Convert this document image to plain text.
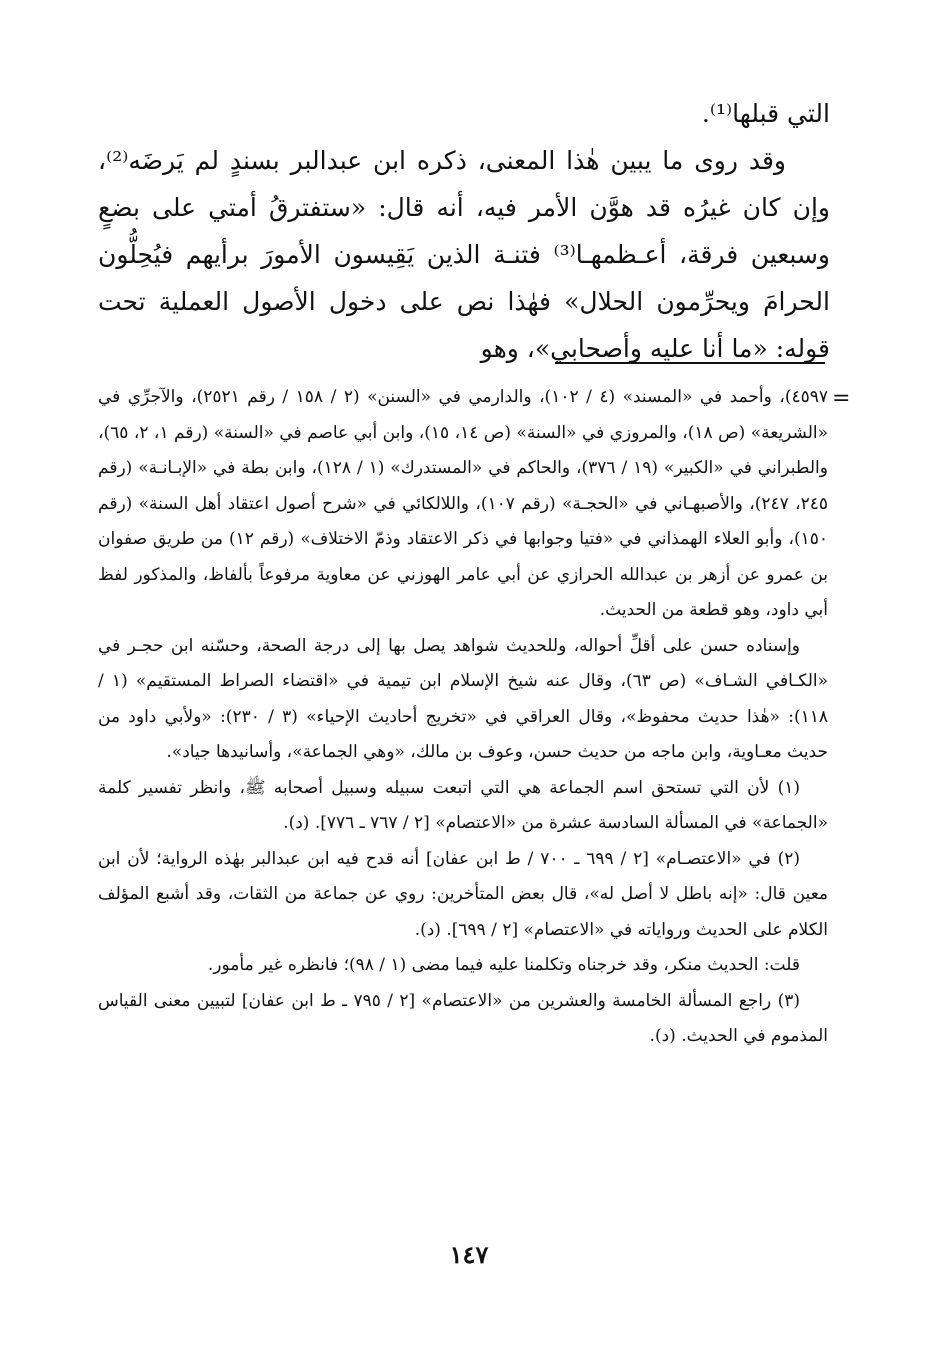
التي قبلها⁽¹⁾.

وقد روى ما يبين هٰذا المعنى، ذكره ابن عبدالبر بسندٍ لم يَرضَه⁽²⁾، وإن كان غيرُه قد هوَّن الأمر فيه، أنه قال: «ستفترقُ أمتي على بضعٍ وسبعين فرقة، أعـظمهـا⁽³⁾ فتنـة الذين يَقِيسون الأمورَ برأيهم فيُحِلُّون الحرامَ ويحرِّمون الحلال» فهٰذا نص على دخول الأصول العملية تحت قوله: «ما أنا عليه وأصحابي»، وهو

=

٤٥٩٧)، وأحمد في «المسند» (٤ / ١٠٢)، والدارمي في «السنن» (٢ / ١٥٨ / رقم ٢٥٢١)، والآجرِّي في «الشريعة» (ص ١٨)، والمروزي في «السنة» (ص ١٤، ١٥)، وابن أبي عاصم في «السنة» (رقم ١، ٢، ٦٥)، والطبراني في «الكبير» (١٩ / ٣٧٦)، والحاكم في «المستدرك» (١ / ١٢٨)، وابن بطة في «الإبـانـة» (رقم ٢٤٥، ٢٤٧)، والأصبهـاني في «الحجـة» (رقم ١٠٧)، واللالكائي في «شرح أصول اعتقاد أهل السنة» (رقم ١٥٠)، وأبو العلاء الهمذاني في «فتيا وجوابها في ذكر الاعتقاد وذمّ الاختلاف» (رقم ١٢) من طريق صفوان بن عمرو عن أزهر بن عبدالله الحرازي عن أبي عامر الهوزني عن معاوية مرفوعاً بألفاظ، والمذكور لفظ أبي داود، وهو قطعة من الحديث.

وإسناده حسن على أقلِّ أحواله، وللحديث شواهد يصل بها إلى درجة الصحة، وحسّنه ابن حجـر في «الكـافي الشـاف» (ص ٦٣)، وقال عنه شيخ الإسلام ابن تيمية في «اقتضاء الصراط المستقيم» (١ / ١١٨): «هٰذا حديث محفوظ»، وقال العراقي في «تخريج أحاديث الإحياء» (٣ / ٢٣٠): «ولأبي داود من حديث معـاوية، وابن ماجه من حديث حسن، وعوف بن مالك، «وهي الجماعة»، وأسانيدها جياد».

(١) لأن التي تستحق اسم الجماعة هي التي اتبعت سبيله وسبيل أصحابه ﷺ، وانظر تفسير كلمة «الجماعة» في المسألة السادسة عشرة من «الاعتصام» [٢ / ٧٦٧ ـ ٧٧٦]. (د).

(٢) في «الاعتصـام» [٢ / ٦٩٩ ـ ٧٠٠ / ط ابن عفان] أنه قدح فيه ابن عبدالبر بهٰذه الرواية؛ لأن ابن معين قال: «إنه باطل لا أصل له»، قال بعض المتأخرين: روي عن جماعة من الثقات، وقد أشبع المؤلف الكلام على الحديث ورواياته في «الاعتصام» [٢ / ٦٩٩]. (د).

قلت: الحديث منكر، وقد خرجناه وتكلمنا عليه فيما مضى (١ / ٩٨)؛ فانظره غير مأمور.

(٣) راجع المسألة الخامسة والعشرين من «الاعتصام» [٢ / ٧٩٥ ـ ط ابن عفان] لتبيين معنى القياس المذموم في الحديث. (د).

١٤٧
